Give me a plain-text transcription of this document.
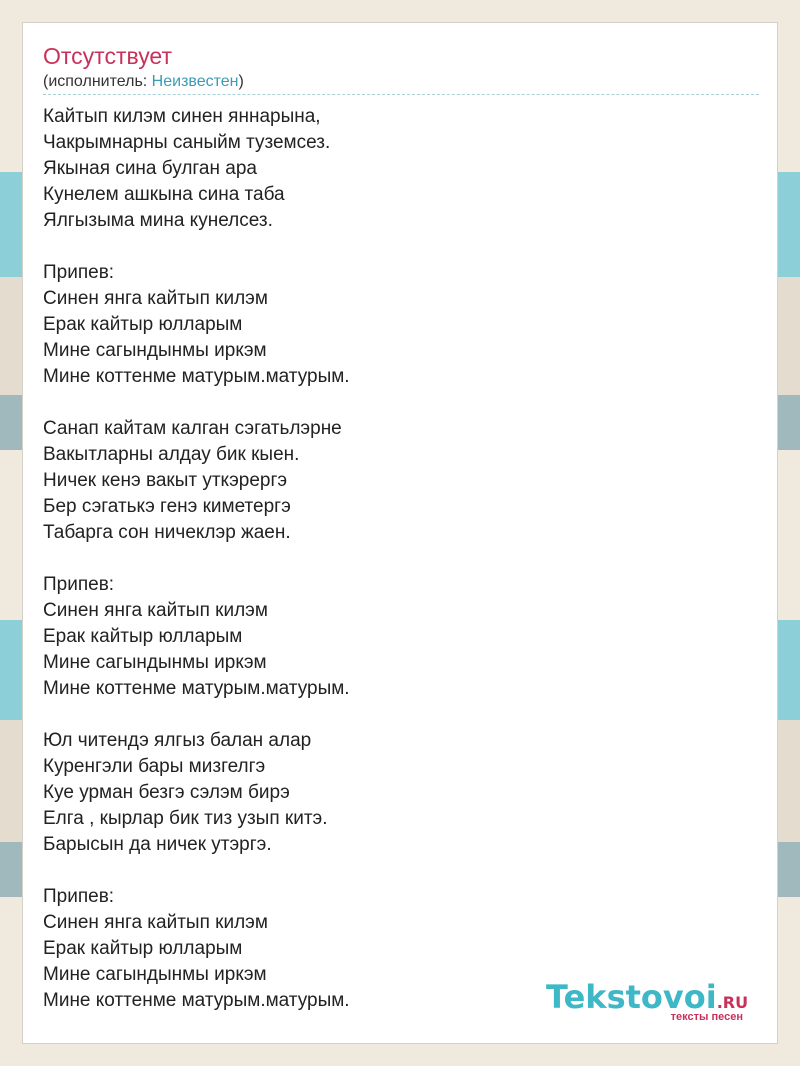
Отсутствует
(исполнитель: Неизвестен)
Кайтып килэм синен яннарына,
Чакрымнарны саныйм туземсез.
Якыная сина булган ара
Кунелем ашкына сина таба
Ялгызыма мина кунелсез.
Припев:
Синен янга кайтып килэм
Ерак кайтыр юлларым
Мине сагындынмы иркэм
Мине коттенме матурым.матурым.
Санап кайтам калган сэгатьлэрне
Вакытларны алдау бик кыен.
Ничек кенэ вакыт уткэрергэ
Бер сэгатькэ генэ киметергэ
Табарга сон ничеклэр жаен.
Припев:
Синен янга кайтып килэм
Ерак кайтыр юлларым
Мине сагындынмы иркэм
Мине коттенме матурым.матурым.
Юл читендэ ялгыз балан алар
Куренгэли бары мизгелгэ
Куе урман безгэ сэлэм бирэ
Елга , кырлар бик тиз узып китэ.
Барысын да ничек утэргэ.
Припев:
Синен янга кайтып килэм
Ерак кайтыр юлларым
Мине сагындынмы иркэм
Мине коттенме матурым.матурым.	Tekstovoi.RU
тексты песен
